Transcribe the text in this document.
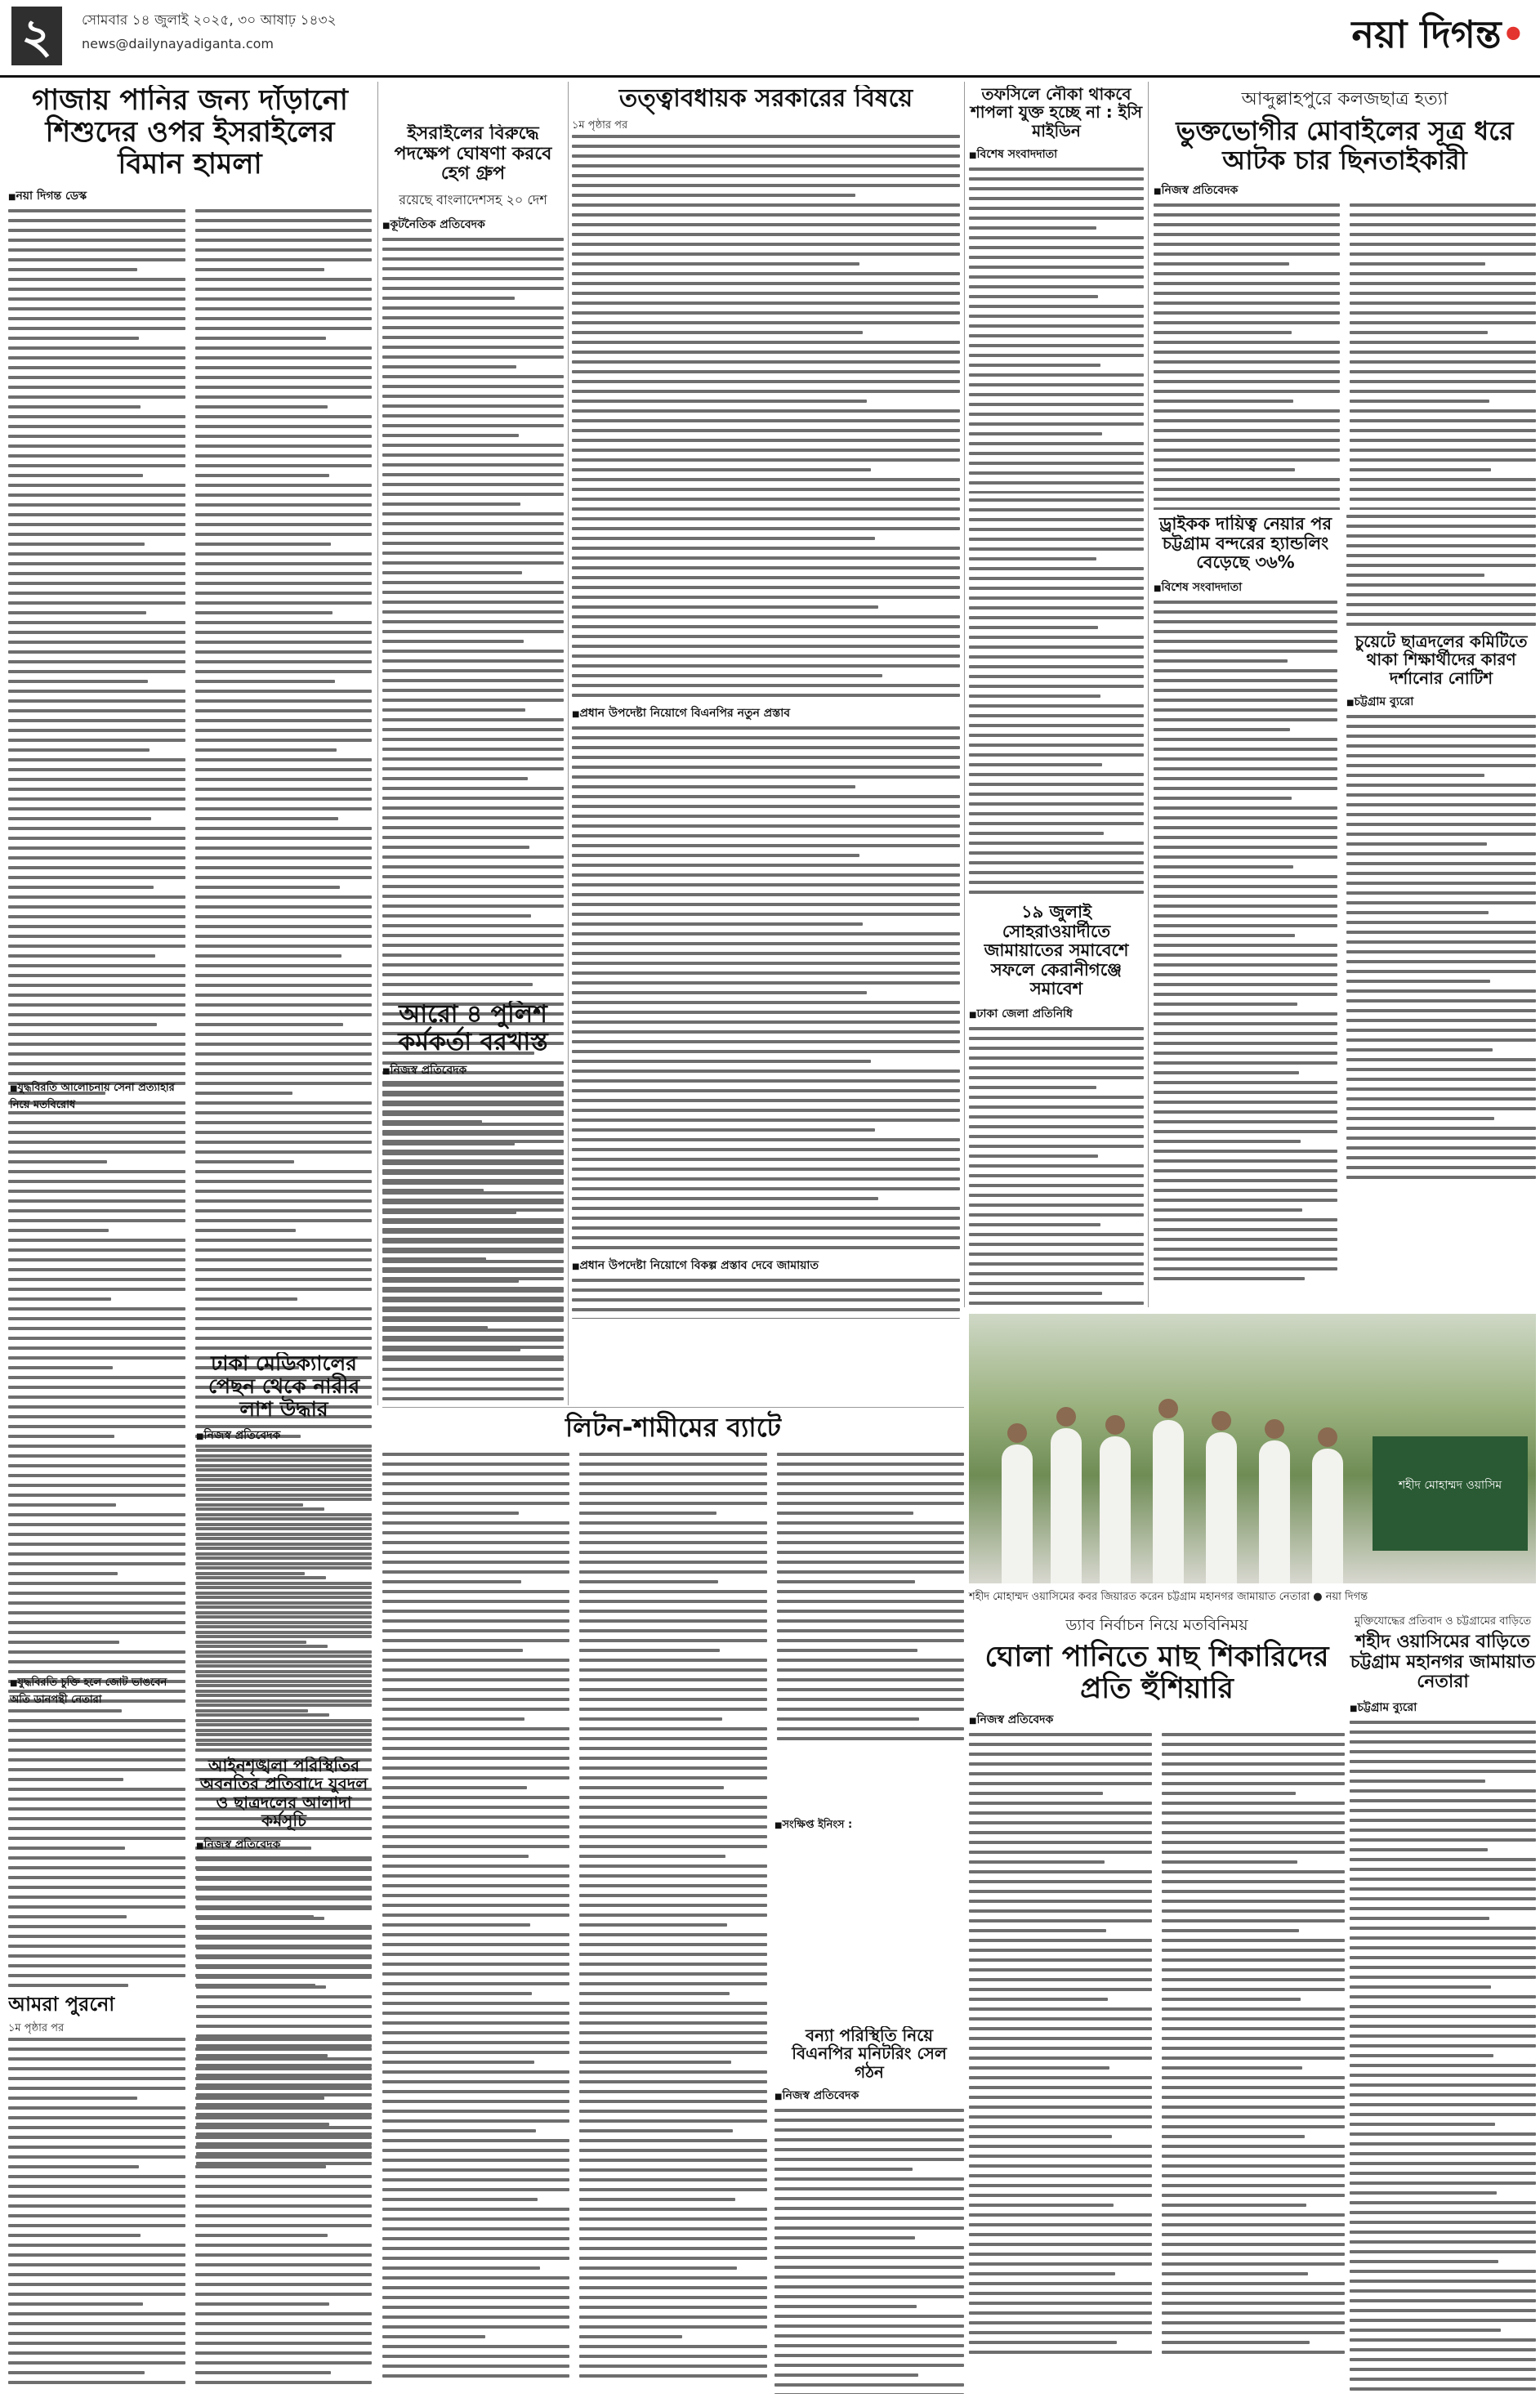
২	সোমবার ১৪ জুলাই ২০২৫, ৩০ আষাঢ় ১৪৩২
news@dailynayadiganta.com	নয়া দিগন্ত•
গাজায় পানির জন্য দাঁড়ানো শিশুদের ওপর ইসরাইলের বিমান হামলা
■ নয়া দিগন্ত ডেস্ক
■ যুদ্ধবিরতি আলোচনায় সেনা প্রত্যাহার নিয়ে মতবিরোধ
■ যুদ্ধবিরতি চুক্তি হলে জোট ভাঙবেন অতি ডানপন্থী নেতারা
ইসরাইলের বিরুদ্ধে পদক্ষেপ ঘোষণা করবে হেগ গ্রুপ
রয়েছে বাংলাদেশসহ ২০ দেশ
■ কূটনৈতিক প্রতিবেদক
ঢাকা মেডিক্যালের পেছন থেকে নারীর লাশ উদ্ধার
■ নিজস্ব প্রতিবেদক
আরো ৪ পুলিশ কর্মকর্তা বরখাস্ত
■ নিজস্ব প্রতিবেদক
তত্ত্বাবধায়ক সরকারের বিষয়ে
১ম পৃষ্ঠার পর
■ প্রধান উপদেষ্টা নিয়োগে বিএনপির নতুন প্রস্তাব
■ প্রধান উপদেষ্টা নিয়োগে বিকল্প প্রস্তাব দেবে জামায়াত
তফসিলে নৌকা থাকবে শাপলা যুক্ত হচ্ছে না : ইসি মাইডিন
■ বিশেষ সংবাদদাতা
১৯ জুলাই সোহরাওয়ার্দীতে জামায়াতের সমাবেশে সফলে কেরানীগঞ্জে সমাবেশ
■ ঢাকা জেলা প্রতিনিধি
আব্দুল্লাহপুরে কলজছাত্র হত্যা
ভুক্তভোগীর মোবাইলের সূত্র ধরে আটক চার ছিনতাইকারী
■ নিজস্ব প্রতিবেদক
ড্রাইকক দায়িত্ব নেয়ার পর চট্টগ্রাম বন্দরের হ্যান্ডলিং বেড়েছে ৩৬%
■ বিশেষ সংবাদদাতা
চুয়েটে ছাত্রদলের কমিটিতে থাকা শিক্ষার্থীদের কারণ দর্শানোর নোটিশ
■ চট্টগ্রাম ব্যুরো
শহীদ মোহাম্মদ ওয়াসিম
শহীদ মোহাম্মদ ওয়াসিমের কবর জিয়ারত করেন চট্টগ্রাম মহানগর জামায়াত নেতারা ● নয়া দিগন্ত
লিটন-শামীমের ব্যাটে
■ সংক্ষিপ্ত ইনিংস :
আইনশৃঙ্খলা পরিস্থিতির অবনতির প্রতিবাদে যুবদল ও ছাত্রদলের আলাদা কর্মসূচি
■ নিজস্ব প্রতিবেদক
আমরা পুরনো
১ম পৃষ্ঠার পর	বন্যা পরিস্থিতি নিয়ে বিএনপির মনিটরিং সেল গঠন
■ নিজস্ব প্রতিবেদক
ড্যাব নির্বাচন নিয়ে মতবিনিময়
ঘোলা পানিতে মাছ শিকারিদের প্রতি হুঁশিয়ারি
■ নিজস্ব প্রতিবেদক
মুক্তিযোদ্ধের প্রতিবাদ ও চট্টগ্রামের বাড়িতে
শহীদ ওয়াসিমের বাড়িতে চট্টগ্রাম মহানগর জামায়াত নেতারা
■ চট্টগ্রাম ব্যুরো
